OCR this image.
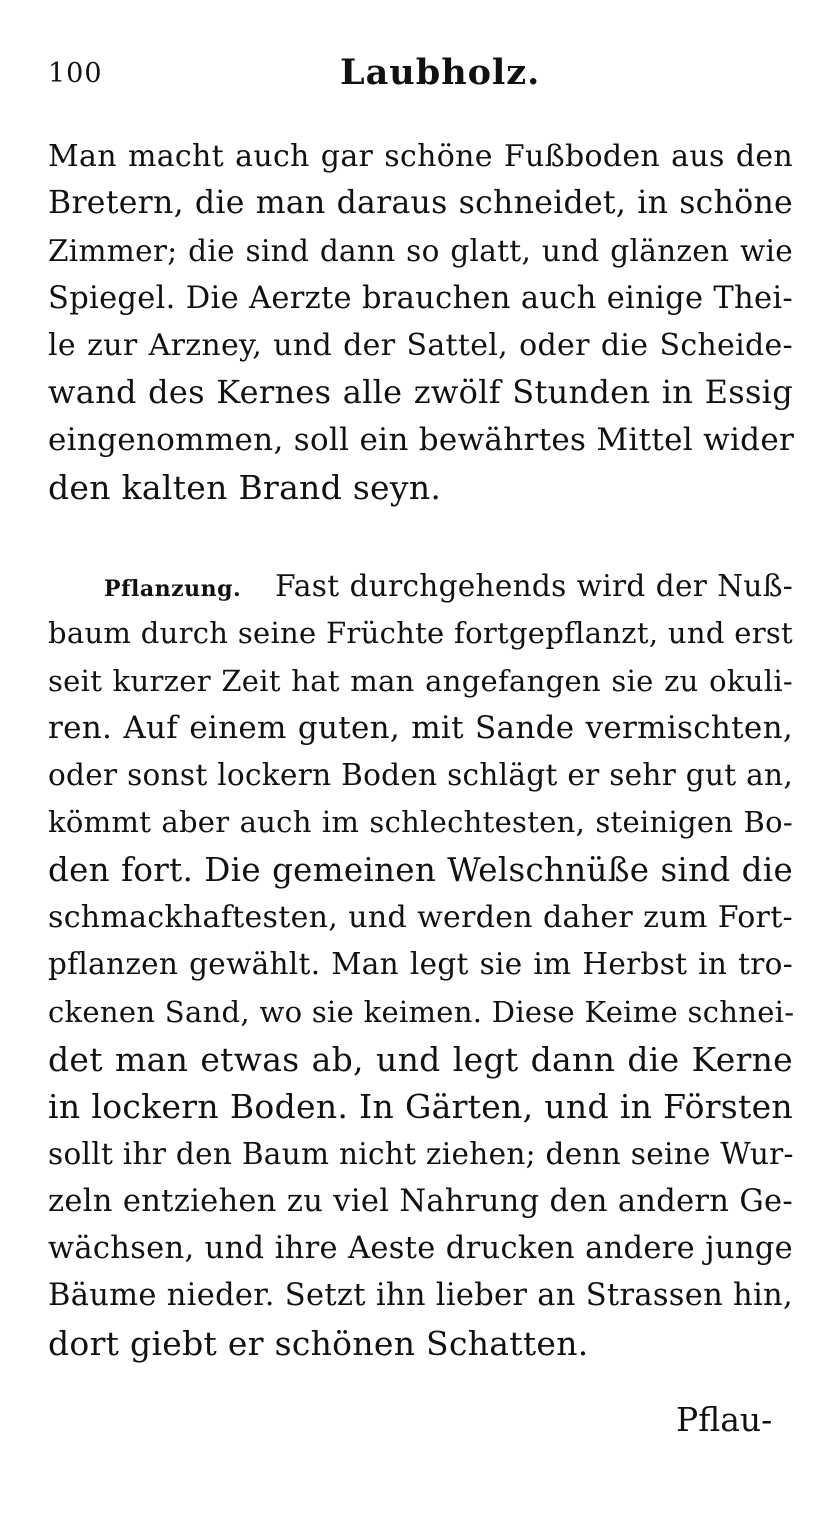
100	Laubholz.
Man macht auch gar schöne Fußboden aus den
Bretern, die man daraus schneidet, in schöne
Zimmer; die sind dann so glatt, und glänzen wie
Spiegel. Die Aerzte brauchen auch einige Thei-
le zur Arzney, und der Sattel, oder die Scheide-
wand des Kernes alle zwölf Stunden in Essig
eingenommen, soll ein bewährtes Mittel wider
den kalten Brand seyn.
Pflanzung. Fast durchgehends wird der Nuß-
baum durch seine Früchte fortgepflanzt, und erst
seit kurzer Zeit hat man angefangen sie zu okuli-
ren. Auf einem guten, mit Sande vermischten,
oder sonst lockern Boden schlägt er sehr gut an,
kömmt aber auch im schlechtesten, steinigen Bo-
den fort. Die gemeinen Welschnüße sind die
schmackhaftesten, und werden daher zum Fort-
pflanzen gewählt. Man legt sie im Herbst in tro-
ckenen Sand, wo sie keimen. Diese Keime schnei-
det man etwas ab, und legt dann die Kerne
in lockern Boden. In Gärten, und in Försten
sollt ihr den Baum nicht ziehen; denn seine Wur-
zeln entziehen zu viel Nahrung den andern Ge-
wächsen, und ihre Aeste drucken andere junge
Bäume nieder. Setzt ihn lieber an Strassen hin,
dort giebt er schönen Schatten.
Pflau-
